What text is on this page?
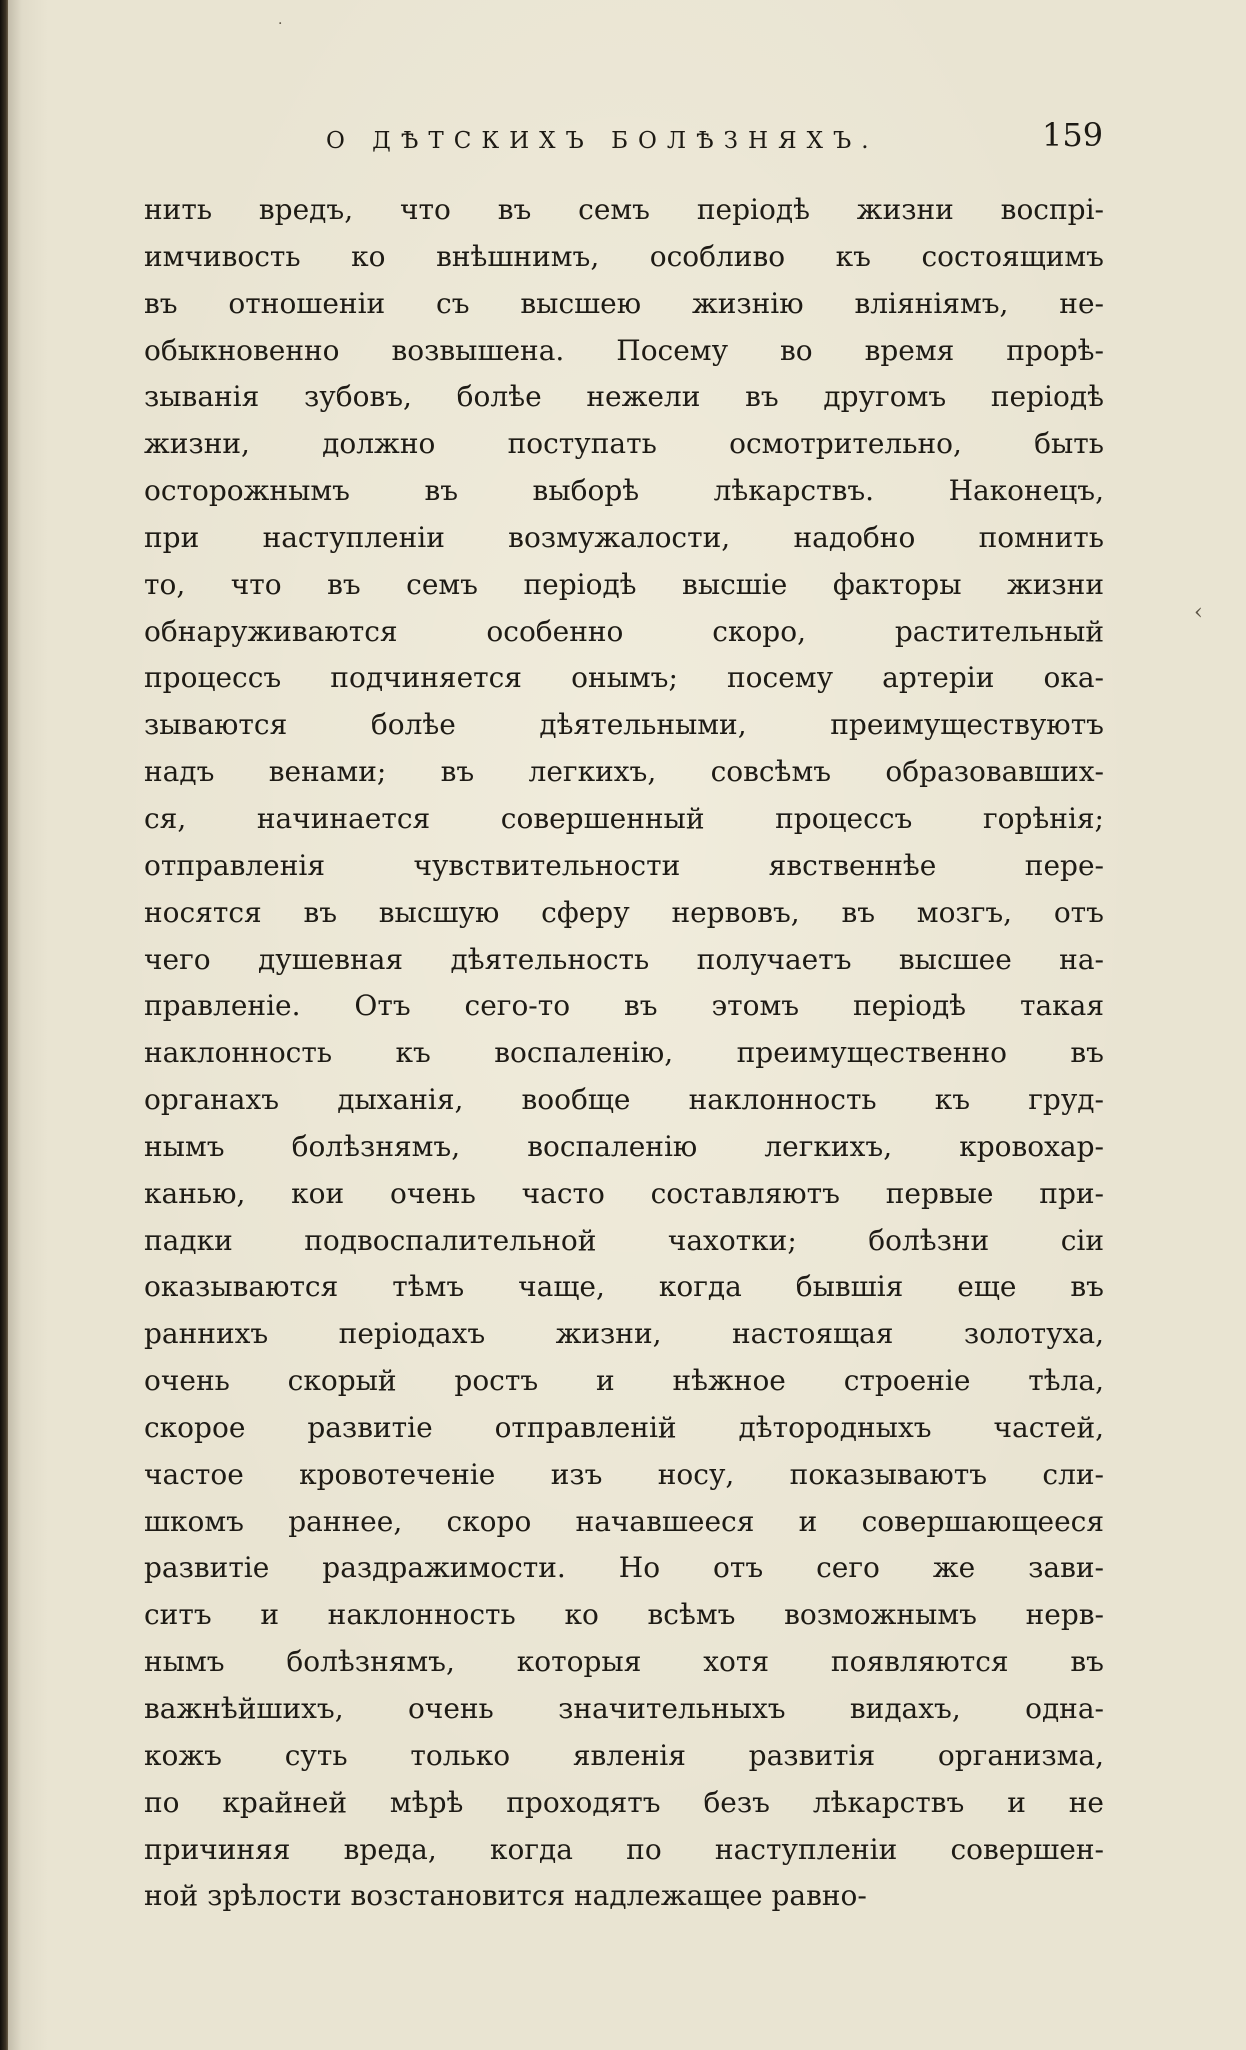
О ДѢТСКИХЪ БОЛѢЗНЯХЪ.	159
нить вредъ, что въ семъ періодѣ жизни воспрі-
имчивость ко внѣшнимъ, особливо къ состоящимъ
въ отношеніи съ высшею жизнію вліяніямъ, не-
обыкновенно возвышена. Посему во время прорѣ-
зыванія зубовъ, болѣе нежели въ другомъ періодѣ
жизни, должно поступать осмотрительно, быть
осторожнымъ въ выборѣ лѣкарствъ. Наконецъ,
при наступленіи возмужалости, надобно помнить
то, что въ семъ періодѣ высшіе факторы жизни
обнаруживаются особенно скоро, растительный
процессъ подчиняется онымъ; посему артеріи ока-
зываются болѣе дѣятельными, преимуществуютъ
надъ венами; въ легкихъ, совсѣмъ образовавших-
ся, начинается совершенный процессъ горѣнія;
отправленія чувствительности явственнѣе пере-
носятся въ высшую сферу нервовъ, въ мозгъ, отъ
чего душевная дѣятельность получаетъ высшее на-
правленіе. Отъ сего-то въ этомъ періодѣ такая
наклонность къ воспаленію, преимущественно въ
органахъ дыханія, вообще наклонность къ груд-
нымъ болѣзнямъ, воспаленію легкихъ, кровохар-
канью, кои очень часто составляютъ первые при-
падки подвоспалительной чахотки; болѣзни сіи
оказываются тѣмъ чаще, когда бывшія еще въ
раннихъ періодахъ жизни, настоящая золотуха,
очень скорый ростъ и нѣжное строеніе тѣла,
скорое развитіе отправленій дѣтородныхъ частей,
частое кровотеченіе изъ носу, показываютъ сли-
шкомъ раннее, скоро начавшееся и совершающееся
развитіе раздражимости. Но отъ сего же зави-
ситъ и наклонность ко всѣмъ возможнымъ нерв-
нымъ болѣзнямъ, которыя хотя появляются въ
важнѣйшихъ, очень значительныхъ видахъ, одна-
кожъ суть только явленія развитія организма,
по крайней мѣрѣ проходятъ безъ лѣкарствъ и не
причиняя вреда, когда по наступленіи совершен-
ной зрѣлости возстановится надлежащее равно-
‹
·
